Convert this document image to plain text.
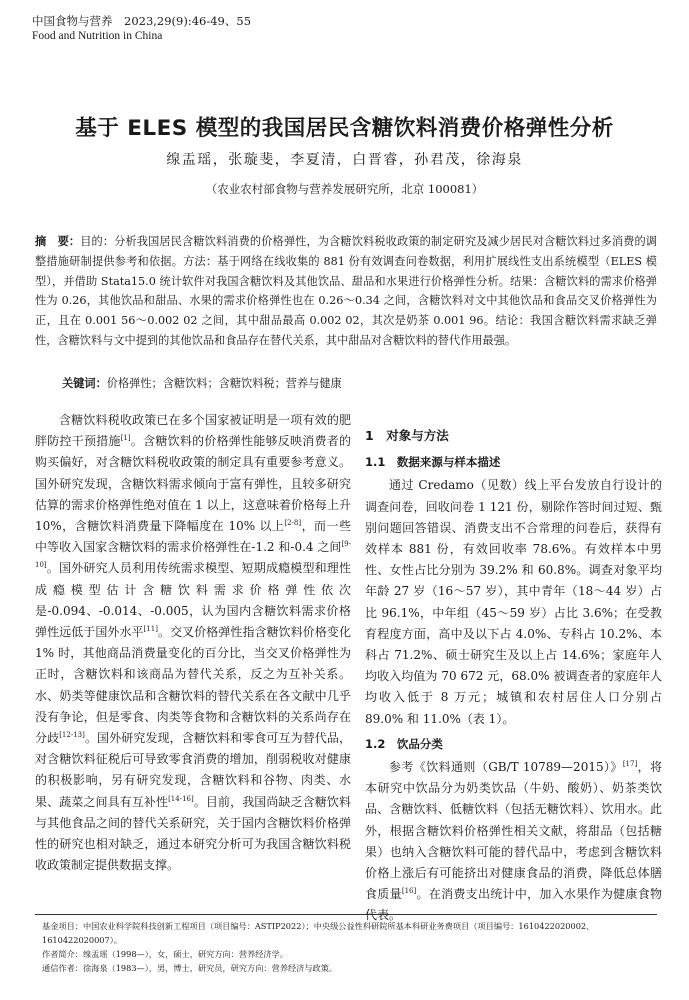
中国食物与营养　2023,29(9):46-49、55
Food and Nutrition in China
基于 ELES 模型的我国居民含糖饮料消费价格弹性分析
缐盂瑶，张璇斐，李夏清，白晋睿，孙君茂，徐海泉
（农业农村部食物与营养发展研究所，北京 100081）
摘　要：目的：分析我国居民含糖饮料消费的价格弹性，为含糖饮料税收政策的制定研究及减少居民对含糖饮料过多消费的调整措施研制提供参考和依据。方法：基于网络在线收集的 881 份有效调查问卷数据，利用扩展线性支出系统模型（ELES 模型），并借助 Stata15.0 统计软件对我国含糖饮料及其他饮品、甜品和水果进行价格弹性分析。结果：含糖饮料的需求价格弹性为 0.26，其他饮品和甜品、水果的需求价格弹性也在 0.26～0.34 之间，含糖饮料对文中其他饮品和食品交叉价格弹性为正，且在 0.001 56～0.002 02 之间，其中甜品最高 0.002 02，其次是奶茶 0.001 96。结论：我国含糖饮料需求缺乏弹性，含糖饮料与文中提到的其他饮品和食品存在替代关系，其中甜品对含糖饮料的替代作用最强。
关键词：价格弹性；含糖饮料；含糖饮料税；营养与健康

含糖饮料税收政策已在多个国家被证明是一项有效的肥胖防控干预措施[1]。含糖饮料的价格弹性能够反映消费者的购买偏好，对含糖饮料税收政策的制定具有重要参考意义。国外研究发现，含糖饮料需求倾向于富有弹性，且较多研究估算的需求价格弹性绝对值在 1 以上，这意味着价格每上升 10%，含糖饮料消费量下降幅度在 10% 以上[2-8]，而一些中等收入国家含糖饮料的需求价格弹性在-1.2 和-0.4 之间[9-10]。国外研究人员利用传统需求模型、短期成瘾模型和理性成瘾模型估计含糖饮料需求价格弹性依次是-0.094、-0.014、-0.005，认为国内含糖饮料需求价格弹性远低于国外水平[11]。交叉价格弹性指含糖饮料价格变化 1% 时，其他商品消费量变化的百分比，当交叉价格弹性为正时，含糖饮料和该商品为替代关系，反之为互补关系。水、奶类等健康饮品和含糖饮料的替代关系在各文献中几乎没有争论，但是零食、肉类等食物和含糖饮料的关系尚存在分歧[12-13]。国外研究发现，含糖饮料和零食可互为替代品，对含糖饮料征税后可导致零食消费的增加，削弱税收对健康的积极影响，另有研究发现，含糖饮料和谷物、肉类、水果、蔬菜之间具有互补性[14-16]。目前，我国尚缺乏含糖饮料与其他食品之间的替代关系研究，关于国内含糖饮料价格弹性的研究也相对缺乏，通过本研究分析可为我国含糖饮料税收政策制定提供数据支撑。

1　对象与方法
1.1　数据来源与样本描述

通过 Credamo（见数）线上平台发放自行设计的调查问卷，回收问卷 1 121 份，剔除作答时间过短、甄别问题回答错误、消费支出不合常理的问卷后，获得有效样本 881 份，有效回收率 78.6%。有效样本中男性、女性占比分别为 39.2% 和 60.8%。调查对象平均年龄 27 岁（16～57 岁），其中青年（18～44 岁）占比 96.1%，中年组（45～59 岁）占比 3.6%；在受教育程度方面，高中及以下占 4.0%、专科占 10.2%、本科占 71.2%、硕士研究生及以上占 14.6%；家庭年人均收入均值为 70 672 元，68.0% 被调查者的家庭年人均收入低于 8 万元；城镇和农村居住人口分别占 89.0% 和 11.0%（表 1）。

1.2　饮品分类

参考《饮料通则（GB/T 10789—2015）》[17]，将本研究中饮品分为奶类饮品（牛奶、酸奶）、奶茶类饮品、含糖饮料、低糖饮料（包括无糖饮料）、饮用水。此外，根据含糖饮料价格弹性相关文献，将甜品（包括糖果）也纳入含糖饮料可能的替代品中，考虑到含糖饮料价格上涨后有可能挤出对健康食品的消费，降低总体膳食质量[16]。在消费支出统计中，加入水果作为健康食物代表。

基金项目：中国农业科学院科技创新工程项目（项目编号：ASTIP2022）；中央级公益性科研院所基本科研业务费项目（项目编号：1610422020002、1610422020007）。
作者简介：缐盂瑶（1998—），女，硕士，研究方向：营养经济学。
通信作者：徐海泉（1983—），男，博士，研究员，研究方向：营养经济与政策。
